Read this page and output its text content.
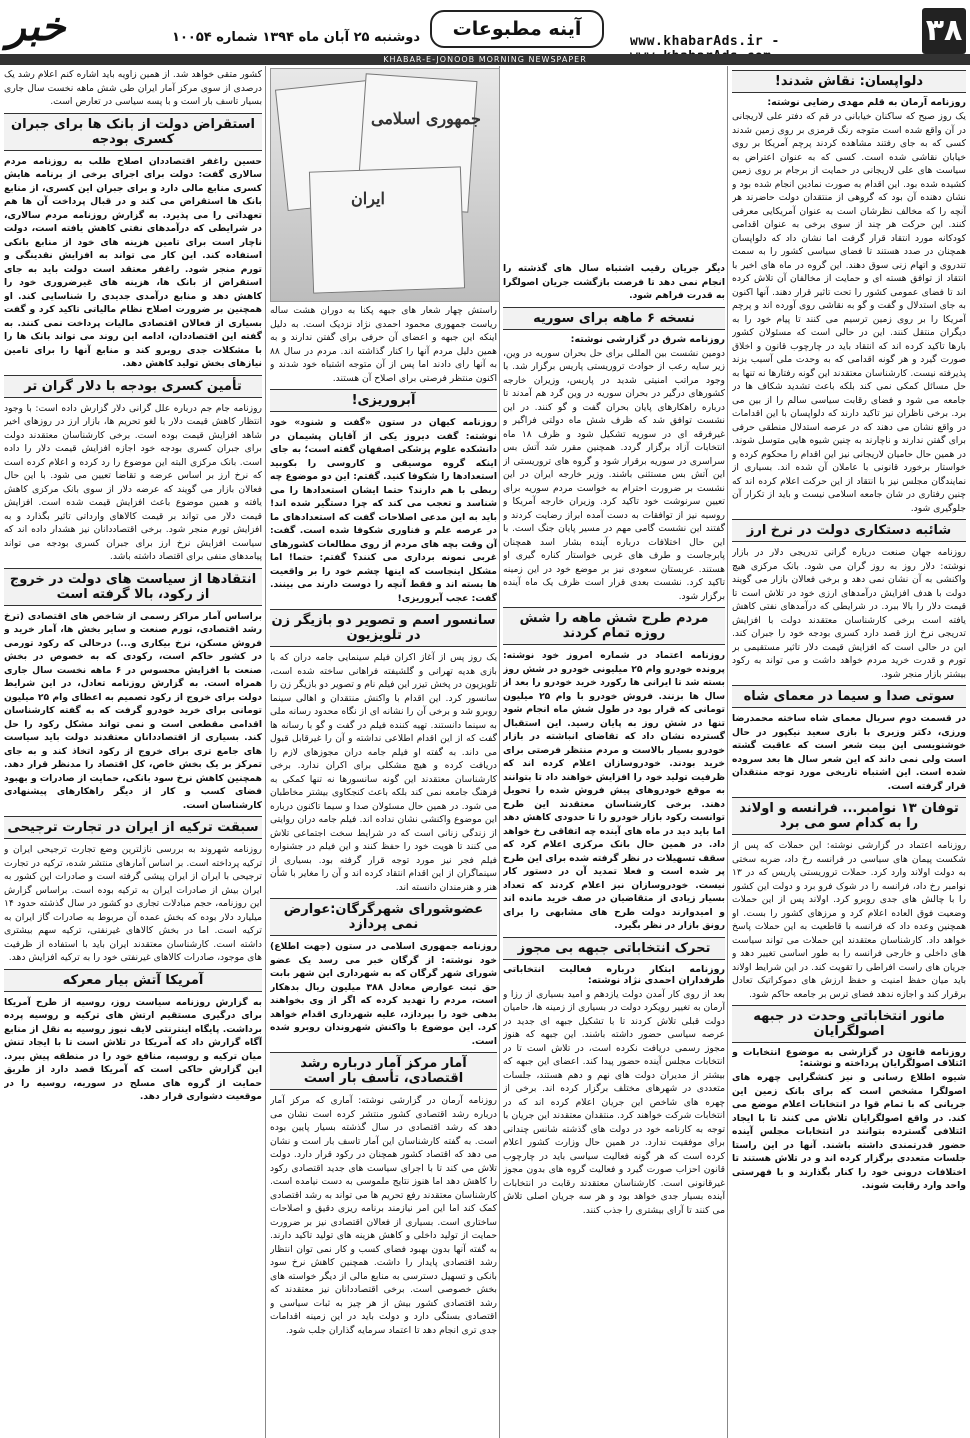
۳۸
www.khabarAds.ir -
آینه مطبوعات
دوشنبه ۲۵ آبان ماه ۱۳۹۴ شماره ۱۰۰۵۴
خبر
KHABAR-E-JONOOB MORNING NEWSPAPER
دلواپسان: نقاش شدند!
روزنامه آرمان به قلم مهدی رضایی نوشته:

یک روز صبح که ساکنان خیابانی در قم که دفتر علی لاریجانی در آن واقع شده است متوجه رنگ قرمزی بر روی زمین شدند کسی که به جای رفتند مشاهده کردند پرچم آمریکا بر روی خیابان نقاشی شده است. کسی که به عنوان اعتراض به سیاست های علی لاریجانی در حمایت از برجام بر روی زمین کشیده شده بود. این اقدام به صورت نمادین انجام شده بود و نشان دهنده آن بود که گروهی از منتقدان دولت حاضرند هر آنچه را که مخالف نظرشان است به عنوان آمریکایی معرفی کنند. این حرکت هر چند از سوی برخی به عنوان اقدامی کودکانه مورد انتقاد قرار گرفت اما نشان داد که دلواپسان همچنان در صدد هستند تا فضای سیاسی کشور را به سمت تندروی و اتهام زنی سوق دهند. این گروه در ماه های اخیر با انتقاد از توافق هسته ای و حمایت از مخالفان آن تلاش کرده اند تا فضای عمومی کشور را تحت تاثیر قرار دهند. آنها اکنون به جای استدلال و گفت و گو به نقاشی روی آورده اند و پرچم آمریکا را بر روی زمین ترسیم می کنند تا پیام خود را به دیگران منتقل کنند. این در حالی است که مسئولان کشور بارها تاکید کرده اند که انتقاد باید در چارچوب قانون و اخلاق صورت گیرد و هر گونه اقدامی که به وحدت ملی آسیب بزند پذیرفته نیست. کارشناسان معتقدند این گونه رفتارها نه تنها به حل مسائل کمکی نمی کند بلکه باعث تشدید شکاف ها در جامعه می شود و فضای رقابت سیاسی سالم را از بین می برد. برخی ناظران نیز تاکید دارند که دلواپسان با این اقدامات در واقع نشان می دهند که در عرصه استدلال منطقی حرفی برای گفتن ندارند و ناچارند به چنین شیوه هایی متوسل شوند. در همین حال حامیان لاریجانی نیز این اقدام را محکوم کرده و خواستار برخورد قانونی با عاملان آن شده اند. بسیاری از نمایندگان مجلس نیز با انتقاد از این حرکت اعلام کرده اند که چنین رفتاری در شان جامعه اسلامی نیست و باید از تکرار آن جلوگیری شود.

شائبه دستکاری دولت در نرخ ارز

روزنامه جهان صنعت درباره گرانی تدریجی دلار در بازار نوشته: دلار روز به روز گران می شود. بانک مرکزی هیچ واکنشی به آن نشان نمی دهد و برخی فعالان بازار می گویند دولت با هدف افزایش درآمدهای ارزی خود در تلاش است تا قیمت دلار را بالا ببرد. در شرایطی که درآمدهای نفتی کاهش یافته است برخی کارشناسان معتقدند دولت با افزایش تدریجی نرخ ارز قصد دارد کسری بودجه خود را جبران کند. این در حالی است که افزایش قیمت دلار تاثیر مستقیمی بر تورم و قدرت خرید مردم خواهد داشت و می تواند به رکود بیشتر بازار منجر شود.

سوتی صدا و سیما در معمای شاه

در قسمت دوم سریال معمای شاه ساخته محمدرضا ورزی، دکتر وزیری با بازی سعید نیکپور در حال خوشنویسی این بیت شعر است که عاقبت گشته است ولی نمی داند که این شعر سال ها بعد سروده شده است. این اشتباه تاریخی مورد توجه منتقدان قرار گرفته است.

توفان ۱۳ نوامبر... فرانسه و اولاند را به کدام سو می برد

روزنامه اعتماد در گزارشی نوشته: این حملات که پس از شکست پیمان های سیاسی در فرانسه رخ داد، ضربه سختی به دولت اولاند وارد کرد. حملات تروریستی پاریس که در ۱۳ نوامبر رخ داد، فرانسه را در شوک فرو برد و دولت این کشور را با چالش های جدی روبرو کرد. اولاند پس از این حملات وضعیت فوق العاده اعلام کرد و مرزهای کشور را بست. او همچنین وعده داد که فرانسه با قاطعیت به این حملات پاسخ خواهد داد. کارشناسان معتقدند این حملات می تواند سیاست های داخلی و خارجی فرانسه را به طور اساسی تغییر دهد و جریان های راست افراطی را تقویت کند. در این شرایط اولاند باید میان حفظ امنیت و حفظ ارزش های دموکراتیک تعادل برقرار کند و اجازه ندهد فضای ترس بر جامعه حاکم شود.

مانور انتخاباتی وحدت در جبهه اصولگرایان
روزنامه قانون در گزارشی به موضوع انتخابات و ائتلاف اصولگرایان پرداخته و نوشته:

شیوه اطلاع رسانی و نیز کنشگرایی چهره های اصولگرا مشخص است که برای بانک زمین این جریانی که با تمام قوا در انتخابات اعلام موضع می کند. در واقع اصولگرایان تلاش می کنند تا با ایجاد ائتلافی گسترده بتوانند در انتخابات مجلس آینده حضور قدرتمندی داشته باشند. آنها در این راستا جلسات متعددی برگزار کرده اند و در تلاش هستند تا اختلافات درونی خود را کنار بگذارند و با فهرستی واحد وارد رقابت شوند.

جمهوری اسلامی
ایران

دیگر جریان رقیب اشتباه سال های گذشته را انجام نمی دهد تا فرصت بازگشت جریان اصولگرا به قدرت فراهم شود.

نسخه ۶ ماهه برای سوریه
روزنامه شرق در گزارشی نوشته:

دومین نشست بین المللی برای حل بحران سوریه در وین، زیر سایه رعب از حوادث تروریستی پاریس برگزار شد. با وجود مراتب امنیتی شدید در پاریس، وزیران خارجه کشورهای درگیر در بحران سوریه در وین گرد هم آمدند تا درباره راهکارهای پایان بحران گفت و گو کنند. در این نشست توافق شد که ظرف شش ماه دولتی فراگیر و غیرفرقه ای در سوریه تشکیل شود و ظرف ۱۸ ماه انتخابات آزاد برگزار گردد. همچنین مقرر شد آتش بس سراسری در سوریه برقرار شود و گروه های تروریستی از این آتش بس مستثنی باشند. وزیر خارجه ایران در این نشست بر ضرورت احترام به خواست مردم سوریه برای تعیین سرنوشت خود تاکید کرد. وزیران خارجه آمریکا و روسیه نیز از توافقات به دست آمده ابراز رضایت کردند و گفتند این نشست گامی مهم در مسیر پایان جنگ است. با این حال اختلافات درباره آینده بشار اسد همچنان پابرجاست و طرف های غربی خواستار کناره گیری او هستند. عربستان سعودی نیز بر موضع خود در این زمینه تاکید کرد. نشست بعدی قرار است ظرف یک ماه آینده برگزار شود.

مردم طرح شش ماهه را شش روزه تمام کردند

روزنامه اعتماد در شماره امروز خود نوشته: پرونده خودرو وام ۲۵ میلیونی خودرو در شش روز بسته شد تا ایرانی ها رکورد خرید خودرو را بعد از سال ها بزنند. فروش خودرو با وام ۲۵ میلیون تومانی که قرار بود در طول شش ماه انجام شود تنها در شش روز به پایان رسید. این استقبال گسترده نشان داد که تقاضای انباشته در بازار خودرو بسیار بالاست و مردم منتظر فرصتی برای خرید بودند. خودروسازان اعلام کرده اند که ظرفیت تولید خود را افزایش خواهند داد تا بتوانند به موقع خودروهای پیش فروش شده را تحویل دهند. برخی کارشناسان معتقدند این طرح توانست رکود بازار خودرو را تا حدودی کاهش دهد اما باید دید در ماه های آینده چه اتفاقی رخ خواهد داد. در همین حال بانک مرکزی اعلام کرد که سقف تسهیلات در نظر گرفته شده برای این طرح پر شده است و فعلا تمدید آن در دستور کار نیست. خودروسازان نیز اعلام کردند که تعداد بسیار زیادی از متقاضیان در صف خرید مانده اند و امیدوارند دولت طرح های مشابهی را برای رونق بازار در نظر بگیرد.

تحرک انتخاباتی جبهه بی مجوز
روزنامه ابتکار درباره فعالیت انتخاباتی طرفداران احمدی نژاد نوشته:

بعد از روی کار آمدن دولت یازدهم و امید بسیاری از رزا و آرمان به تغییر رویکرد دولت در بسیاری از زمینه ها، حامیان دولت قبلی تلاش کردند تا با تشکیل جبهه ای جدید در عرصه سیاسی حضور داشته باشند. این جبهه که هنوز مجوز رسمی دریافت نکرده است، در تلاش است تا در انتخابات مجلس آینده حضور پیدا کند. اعضای این جبهه که بیشتر از مدیران دولت های نهم و دهم هستند، جلسات متعددی در شهرهای مختلف برگزار کرده اند. برخی از چهره های شاخص این جریان اعلام کرده اند که در انتخابات شرکت خواهند کرد. منتقدان معتقدند این جریان با توجه به کارنامه خود در دولت های گذشته شانس چندانی برای موفقیت ندارد. در همین حال وزارت کشور اعلام کرده است که هر گونه فعالیت سیاسی باید در چارچوب قانون احزاب صورت گیرد و فعالیت گروه های بدون مجوز غیرقانونی است. کارشناسان معتقدند رقابت در انتخابات آینده بسیار جدی خواهد بود و هر سه جریان اصلی تلاش می کنند تا آرای بیشتری را جذب کنند.

راستش چهار شعار های جبهه پکنا به دوران هشت ساله ریاست جمهوری محمود احمدی نژاد نزدیک است. به دلیل اینکه این جبهه و اعضای آن حرفی برای گفتن ندارند و به همین دلیل مردم آنها را کنار گذاشته اند. مردم در سال ۸۸ به آنها رای دادند اما پس از آن متوجه اشتباه خود شدند و اکنون منتظر فرصتی برای اصلاح آن هستند.

آبروریزی!

روزنامه کیهان در ستون «گفت و شنود» خود نوشته: گفت دیروز یکی از آقایان پشیمان در دانشکده علوم پزشکی اصفهان گفته است؛ به جای اینکه گروه موسیقی و کاروسی را بکوبید استعدادها را شکوفا کنید. گفتم: این دو موضوع چه ربطی با هم دارند؟ حتما ایشان استعدادها را می شناسد و تعجب می کند که چرا دستگیر شده اند! باید به این مدعی اصلاحات گفت که استعدادهای ما در عرصه علم و فناوری شکوفا شده است. گفت: آن وقت بچه های مردم از روی مطالعات کشورهای غربی نمونه برداری می کنند؟ گفتم: حتما! اما مشکل اینجاست که اینها چشم خود را بر واقعیت ها بسته اند و فقط آنچه را دوست دارند می بینند. گفت: عجب آبروریزی!

سانسور اسم و تصویر دو بازیگر زن در تلویزیون

یک روز پس از آغاز اکران فیلم سینمایی جامه دران که با بازی هدیه تهرانی و گلشیفته فراهانی ساخته شده است، تلویزیون در پخش تیزر این فیلم نام و تصویر دو بازیگر زن را سانسور کرد. این اقدام با واکنش منتقدان و اهالی سینما روبرو شد و برخی آن را نشانه ای از نگاه محدود رسانه ملی به سینما دانستند. تهیه کننده فیلم در گفت و گو با رسانه ها گفت که از این اقدام اطلاعی نداشته و آن را غیرقابل قبول می داند. به گفته او فیلم جامه دران مجوزهای لازم را دریافت کرده و هیچ مشکلی برای اکران ندارد. برخی کارشناسان معتقدند این گونه سانسورها نه تنها کمکی به فرهنگ جامعه نمی کند بلکه باعث کنجکاوی بیشتر مخاطبان می شود. در همین حال مسئولان صدا و سیما تاکنون درباره این موضوع واکنشی نشان نداده اند. فیلم جامه دران روایتی از زندگی زنانی است که در شرایط سخت اجتماعی تلاش می کنند تا هویت خود را حفظ کنند و این فیلم در جشنواره فیلم فجر نیز مورد توجه قرار گرفته بود. بسیاری از سینماگران از این اقدام انتقاد کرده اند و آن را مغایر با شأن هنر و هنرمندان دانسته اند.

عضوشورای شهرگرگان:عوارض نمی پردازد

روزنامه جمهوری اسلامی در ستون (جهت اطلاع) خود نوشته: از گرگان خبر می رسد یک عضو شورای شهر گرگان که به شهرداری این شهر بابت حق ثبت عوارض معادل ۳۸۸ میلیون ریال بدهکار است، مردم را تهدید کرده که اگر از وی بخواهند بدهی خود را بپردازد، علیه شهرداری اقدام خواهد کرد. این موضوع با واکنش شهروندان روبرو شده است.

آمار مرکز آمار درباره رشد اقتصادی، تأسف بار است

روزنامه آرمان در گزارشی نوشته: آماری که مرکز آمار درباره رشد اقتصادی کشور منتشر کرده است نشان می دهد که رشد اقتصادی در سال گذشته بسیار پایین بوده است. به گفته کارشناسان این آمار تاسف بار است و نشان می دهد که اقتصاد کشور همچنان در رکود قرار دارد. دولت تلاش می کند تا با اجرای سیاست های جدید اقتصادی رکود را کاهش دهد اما هنوز نتایج ملموسی به دست نیامده است. کارشناسان معتقدند رفع تحریم ها می تواند به رشد اقتصادی کمک کند اما این امر نیازمند برنامه ریزی دقیق و اصلاحات ساختاری است. بسیاری از فعالان اقتصادی نیز بر ضرورت حمایت از تولید داخلی و کاهش هزینه های تولید تاکید دارند. به گفته آنها بدون بهبود فضای کسب و کار نمی توان انتظار رشد اقتصادی پایدار را داشت. همچنین کاهش نرخ سود بانکی و تسهیل دسترسی به منابع مالی از دیگر خواسته های بخش خصوصی است. برخی اقتصاددانان نیز معتقدند که رشد اقتصادی کشور بیش از هر چیز به ثبات سیاسی و اقتصادی بستگی دارد و دولت باید در این زمینه اقدامات جدی تری انجام دهد تا اعتماد سرمایه گذاران جلب شود.

کشور متقی خواهد شد. از همین زاویه باید اشاره کنم اعلام رشد یک درصدی از سوی مرکز آمار ایران طی شش ماهه نخست سال جاری بسیار تاسف بار است و با پسه سیاسی در تعارض است.

استقراض دولت از بانک ها برای جبران کسری بودجه

حسین راغفر اقتصاددان اصلاح طلب به روزنامه مردم سالاری گفت: دولت برای اجرای برخی از برنامه هایش کسری منابع مالی دارد و برای جبران این کسری، از منابع بانک ها استقراض می کند و در قبال پرداخت آن ها هم تعهداتی را می پذیرد. به گزارش روزنامه مردم سالاری، در شرایطی که درآمدهای نفتی کاهش یافته است، دولت ناچار است برای تامین هزینه های خود از منابع بانکی استفاده کند. این کار می تواند به افزایش نقدینگی و تورم منجر شود. راغفر معتقد است دولت باید به جای استقراض از بانک ها، هزینه های غیرضروری خود را کاهش دهد و منابع درآمدی جدیدی را شناسایی کند. او همچنین بر ضرورت اصلاح نظام مالیاتی تاکید کرد و گفت بسیاری از فعالان اقتصادی مالیات پرداخت نمی کنند. به گفته این اقتصاددان، ادامه این روند می تواند بانک ها را با مشکلات جدی روبرو کند و منابع آنها را برای تامین نیازهای بخش تولید کاهش دهد.

تأمین کسری بودجه با دلار گران تر

روزنامه جام جم درباره علل گرانی دلار گزارش داده است: با وجود انتظار کاهش قیمت دلار با لغو تحریم ها، بازار ارز در روزهای اخیر شاهد افزایش قیمت بوده است. برخی کارشناسان معتقدند دولت برای جبران کسری بودجه خود اجازه افزایش قیمت دلار را داده است. بانک مرکزی البته این موضوع را رد کرده و اعلام کرده است که نرخ ارز بر اساس عرضه و تقاضا تعیین می شود. با این حال فعالان بازار می گویند که عرضه دلار از سوی بانک مرکزی کاهش یافته و همین موضوع باعث افزایش قیمت شده است. افزایش قیمت دلار می تواند بر قیمت کالاهای وارداتی تاثیر بگذارد و به افزایش تورم منجر شود. برخی اقتصاددانان نیز هشدار داده اند که سیاست افزایش نرخ ارز برای جبران کسری بودجه می تواند پیامدهای منفی برای اقتصاد داشته باشد.

انتقادها از سیاست های دولت در خروج از رکود، بالا گرفته است

براساس آمار مراکز رسمی از شاخص های اقتصادی (ترخ رشد اقتصادی، تورم صنعت و سایر بخش ها، آمار خرید و فروش مسکن، نرخ بیکاری و...) درحالی که رکود تورمی در کشور حاکم است، رکودی که به خصوص در بخش صنعت با افزایش محسوس در ۶ ماهه نخست سال جاری همراه است. به گزارش روزنامه تعادل، در این شرایط دولت برای خروج از رکود تصمیم به اعطای وام ۲۵ میلیون تومانی برای خرید خودرو گرفت که به گفته کارشناسان اقدامی مقطعی است و نمی تواند مشکل رکود را حل کند. بسیاری از اقتصاددانان معتقدند دولت باید سیاست های جامع تری برای خروج از رکود اتخاذ کند و به جای تمرکز بر یک بخش خاص، کل اقتصاد را مدنظر قرار دهد. همچنین کاهش نرخ سود بانکی، حمایت از صادرات و بهبود فضای کسب و کار از دیگر راهکارهای پیشنهادی کارشناسان است.

سبقت ترکیه از ایران در تجارت ترجیحی

روزنامه شهروند به بررسی نازلترین وضع تجارت ترجیحی ایران و ترکیه پرداخته است. بر اساس آمارهای منتشر شده، ترکیه در تجارت ترجیحی با ایران از ایران پیشی گرفته است و صادرات این کشور به ایران بیش از صادرات ایران به ترکیه بوده است. براساس گزارش این روزنامه، حجم مبادلات تجاری دو کشور در سال گذشته حدود ۱۴ میلیارد دلار بوده که بخش عمده آن مربوط به صادرات گاز ایران به ترکیه است. اما در بخش کالاهای غیرنفتی، ترکیه سهم بیشتری داشته است. کارشناسان معتقدند ایران باید با استفاده از ظرفیت های موجود، صادرات کالاهای غیرنفتی خود را به ترکیه افزایش دهد.

آمریکا آتش بیار معرکه

به گزارش روزنامه سیاست روز، روسیه از طرح آمریکا برای درگیری مستقیم ارتش های ترکیه و روسیه پرده برداشت. پایگاه اینترنتی لایف نیوز روسیه به نقل از منابع آگاه گزارش داد که آمریکا در تلاش است تا با ایجاد تنش میان ترکیه و روسیه، منافع خود را در منطقه پیش ببرد. این گزارش حاکی است که آمریکا قصد دارد از طریق حمایت از گروه های مسلح در سوریه، روسیه را در موقعیت دشواری قرار دهد.
